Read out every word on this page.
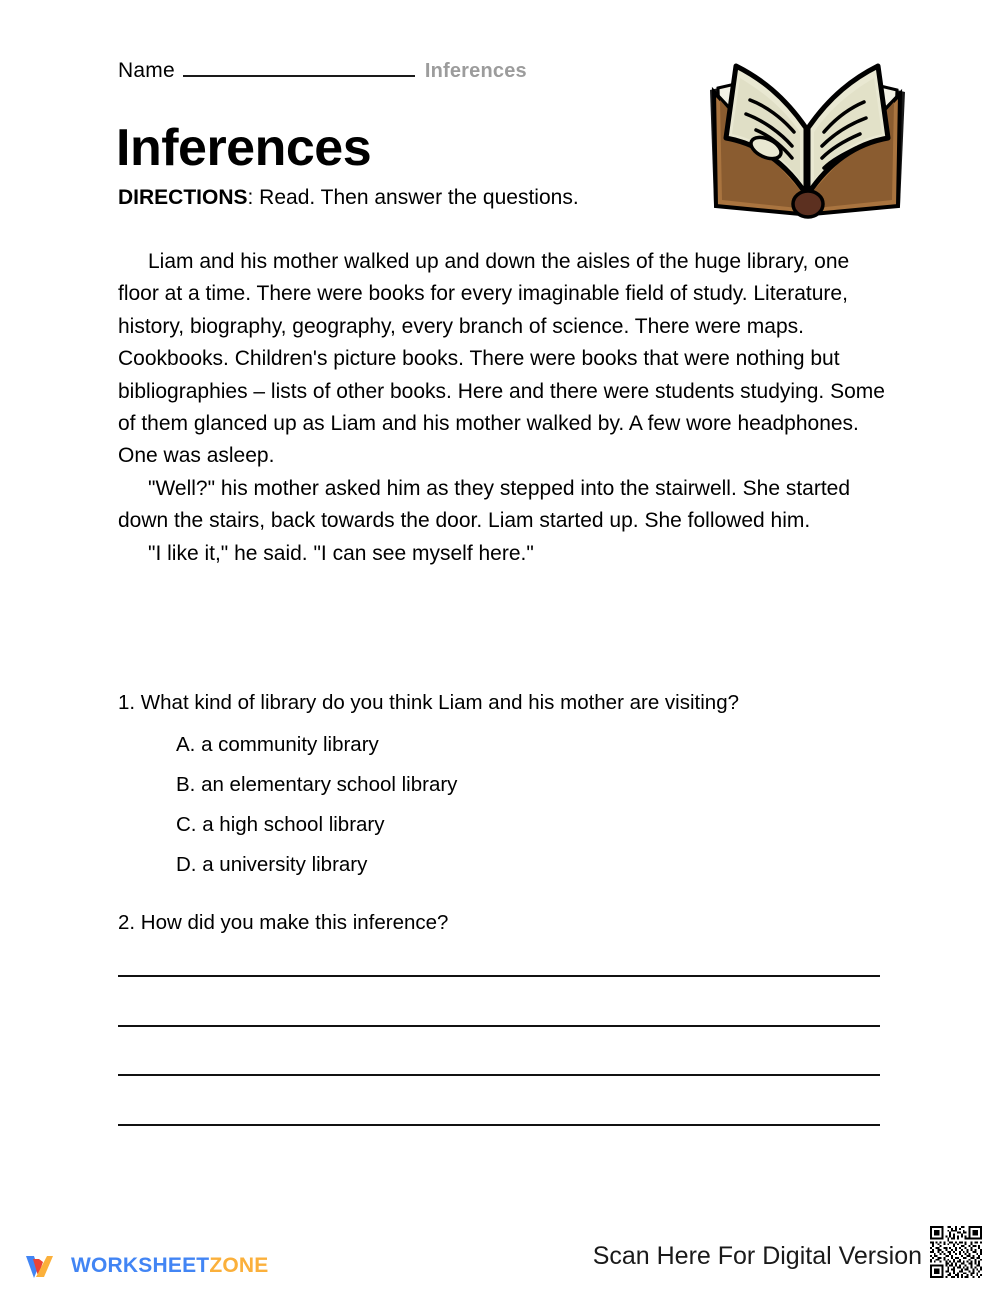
Name	Inferences
Inferences
DIRECTIONS: Read. Then answer the questions.

Liam and his mother walked up and down the aisles of the huge library, one floor at a time. There were books for every imaginable field of study. Literature, history, biography, geography, every branch of science. There were maps. Cookbooks. Children's picture books. There were books that were nothing but bibliographies – lists of other books. Here and there were students studying. Some of them glanced up as Liam and his mother walked by. A few wore headphones. One was asleep.

"Well?" his mother asked him as they stepped into the stairwell. She started down the stairs, back towards the door. Liam started up. She followed him.

"I like it," he said. "I can see myself here."

1. What kind of library do you think Liam and his mother are visiting?
A. a community library
B. an elementary school library
C. a high school library
D. a university library
2. How did you make this inference?
WORKSHEETZONE	Scan Here For Digital Version
